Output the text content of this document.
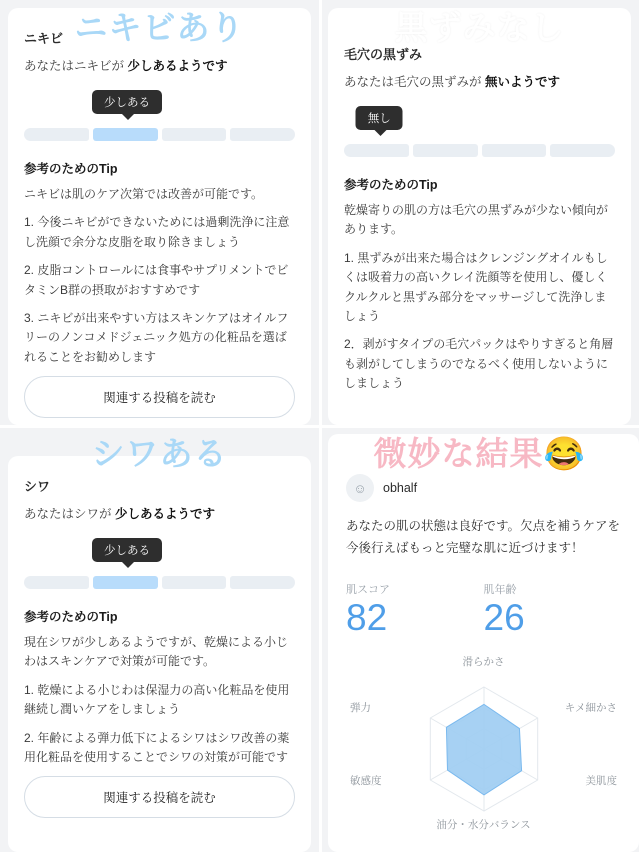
ニキビあり
ニキビ

あなたはニキビが 少しあるようです

少しある
参考のためのTip

ニキビは肌のケア次第では改善が可能です。

1. 今後ニキビができないためには過剰洗浄に注意し洗顔で余分な皮脂を取り除きましょう

2. 皮脂コントロールには食事やサプリメントでビタミンB群の摂取がおすすめです

3. ニキビが出来やすい方はスキンケアはオイルフリーのノンコメドジェニック処方の化粧品を選ばれることをお勧めします

関連する投稿を読む
黒ずみなし
毛穴の黒ずみ

あなたは毛穴の黒ずみが 無いようです

無し
参考のためのTip

乾燥寄りの肌の方は毛穴の黒ずみが少ない傾向があります。

1. 黒ずみが出来た場合はクレンジングオイルもしくは吸着力の高いクレイ洗顔等を使用し、優しくクルクルと黒ずみ部分をマッサージして洗浄しましょう

2．剥がすタイプの毛穴パックはやりすぎると角層も剥がしてしまうのでなるべく使用しないようにしましょう

シワある
シワ

あなたはシワが 少しあるようです

少しある
参考のためのTip

現在シワが少しあるようですが、乾燥による小じわはスキンケアで対策が可能です。

1. 乾燥による小じわは保湿力の高い化粧品を使用継続し潤いケアをしましょう

2. 年齢による弾力低下によるシワはシワ改善の薬用化粧品を使用することでシワの対策が可能です

関連する投稿を読む
微妙な結果😂
☺	obhalf

あなたの肌の状態は良好です。欠点を補うケアを今後行えばもっと完璧な肌に近づけます！

肌スコア
82
肌年齢
26
滑らかさ
キメ細かさ
美肌度
油分・水分バランス
敏感度
弾力
